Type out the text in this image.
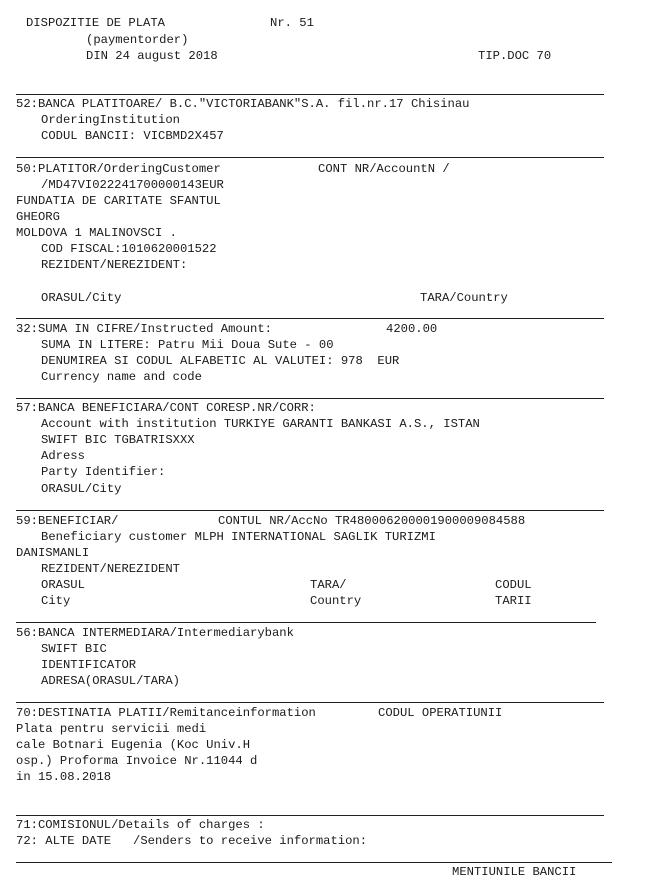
DISPOZITIE DE PLATA	Nr. 51
(paymentorder)
DIN 24 august 2018	TIP.DOC 70
52:BANCA PLATITOARE/ B.C."VICTORIABANK"S.A. fil.nr.17 Chisinau
OrderingInstitution
CODUL BANCII: VICBMD2X457
50:PLATITOR/OrderingCustomer	CONT NR/AccountN /
/MD47VI022241700000143EUR
FUNDATIA DE CARITATE SFANTUL
GHEORG
MOLDOVA 1 MALINOVSCI .
COD FISCAL:1010620001522
REZIDENT/NEREZIDENT:
ORASUL/City	TARA/Country
32:SUMA IN CIFRE/Instructed Amount:	4200.00
SUMA IN LITERE: Patru Mii Doua Sute - 00
DENUMIREA SI CODUL ALFABETIC AL VALUTEI: 978  EUR
Currency name and code
57:BANCA BENEFICIARA/CONT CORESP.NR/CORR:
Account with institution TURKIYE GARANTI BANKASI A.S., ISTAN
SWIFT BIC TGBATRISXXX
Adress
Party Identifier:
ORASUL/City
59:BENEFICIAR/	CONTUL NR/AccNo TR480006200001900009084588
Beneficiary customer MLPH INTERNATIONAL SAGLIK TURIZMI
DANISMANLI
REZIDENT/NEREZIDENT
ORASUL	TARA/	CODUL
City	Country	TARII
56:BANCA INTERMEDIARA/Intermediarybank
SWIFT BIC
IDENTIFICATOR
ADRESA(ORASUL/TARA)
70:DESTINATIA PLATII/Remitanceinformation	CODUL OPERATIUNII
Plata pentru servicii medi
cale Botnari Eugenia (Koc Univ.H
osp.) Proforma Invoice Nr.11044 d
in 15.08.2018
71:COMISIONUL/Details of charges :
72: ALTE DATE   /Senders to receive information:
MENTIUNILE BANCII
